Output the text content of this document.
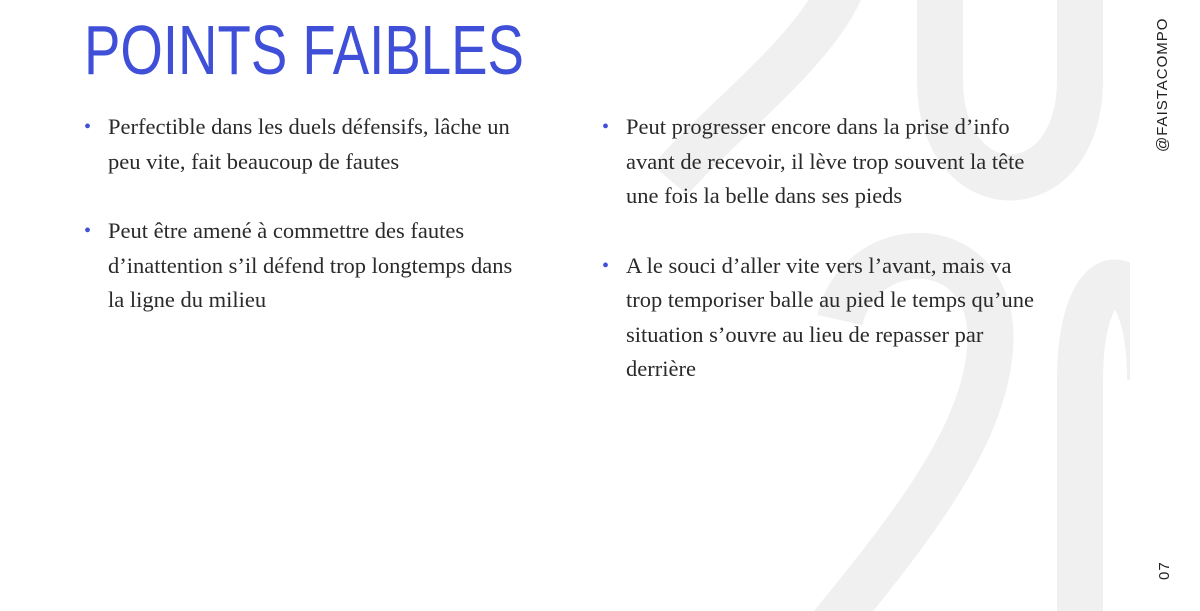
POINTS FAIBLES
• Perfectible dans les duels défensifs, lâche un peu vite, fait beaucoup de fautes
• Peut être amené à commettre des fautes d’inattention s’il défend trop longtemps dans la ligne du milieu
• Peut progresser encore dans la prise d’info avant de recevoir, il lève trop souvent la tête une fois la belle dans ses pieds
• A le souci d’aller vite vers l’avant, mais va trop temporiser balle au pied le temps qu’une situation s’ouvre au lieu de repasser par derrière
@FAISTACOMPO
07
